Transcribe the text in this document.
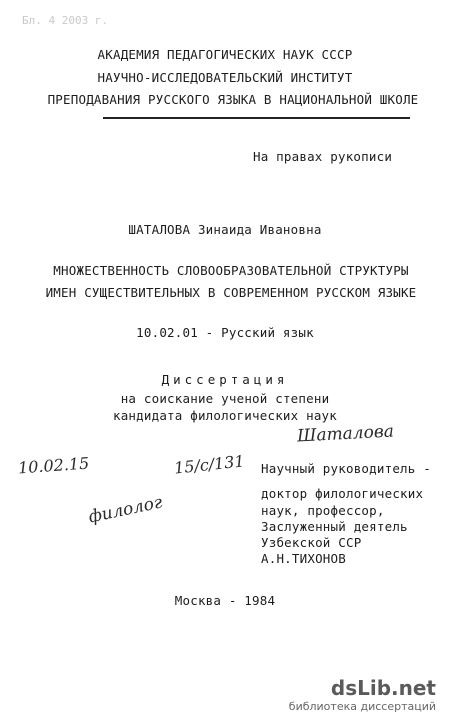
Бл. 4 2003 г.
АКАДЕМИЯ ПЕДАГОГИЧЕСКИХ НАУК СССР
НАУЧНО-ИССЛЕДОВАТЕЛЬСКИЙ ИНСТИТУТ
ПРЕПОДАВАНИЯ РУССКОГО ЯЗЫКА В НАЦИОНАЛЬНОЙ ШКОЛЕ
На правах рукописи
ШАТАЛОВА Зинаида Ивановна
МНОЖЕСТВЕННОСТЬ СЛОВООБРАЗОВАТЕЛЬНОЙ СТРУКТУРЫ
ИМЕН СУЩЕСТВИТЕЛЬНЫХ В СОВРЕМЕННОМ РУССКОМ ЯЗЫКЕ
10.02.01 - Русский язык
Диссертация
на соискание ученой степени
кандидата филологических наук
Шаталова
10.02.15	15/с/131
филолог
Научный руководитель -
доктор филологических
наук, профессор,
Заслуженный деятель
Узбекской ССР
А.Н.ТИХОНОВ
Москва - 1984
dsLib.net
библиотека диссертаций
